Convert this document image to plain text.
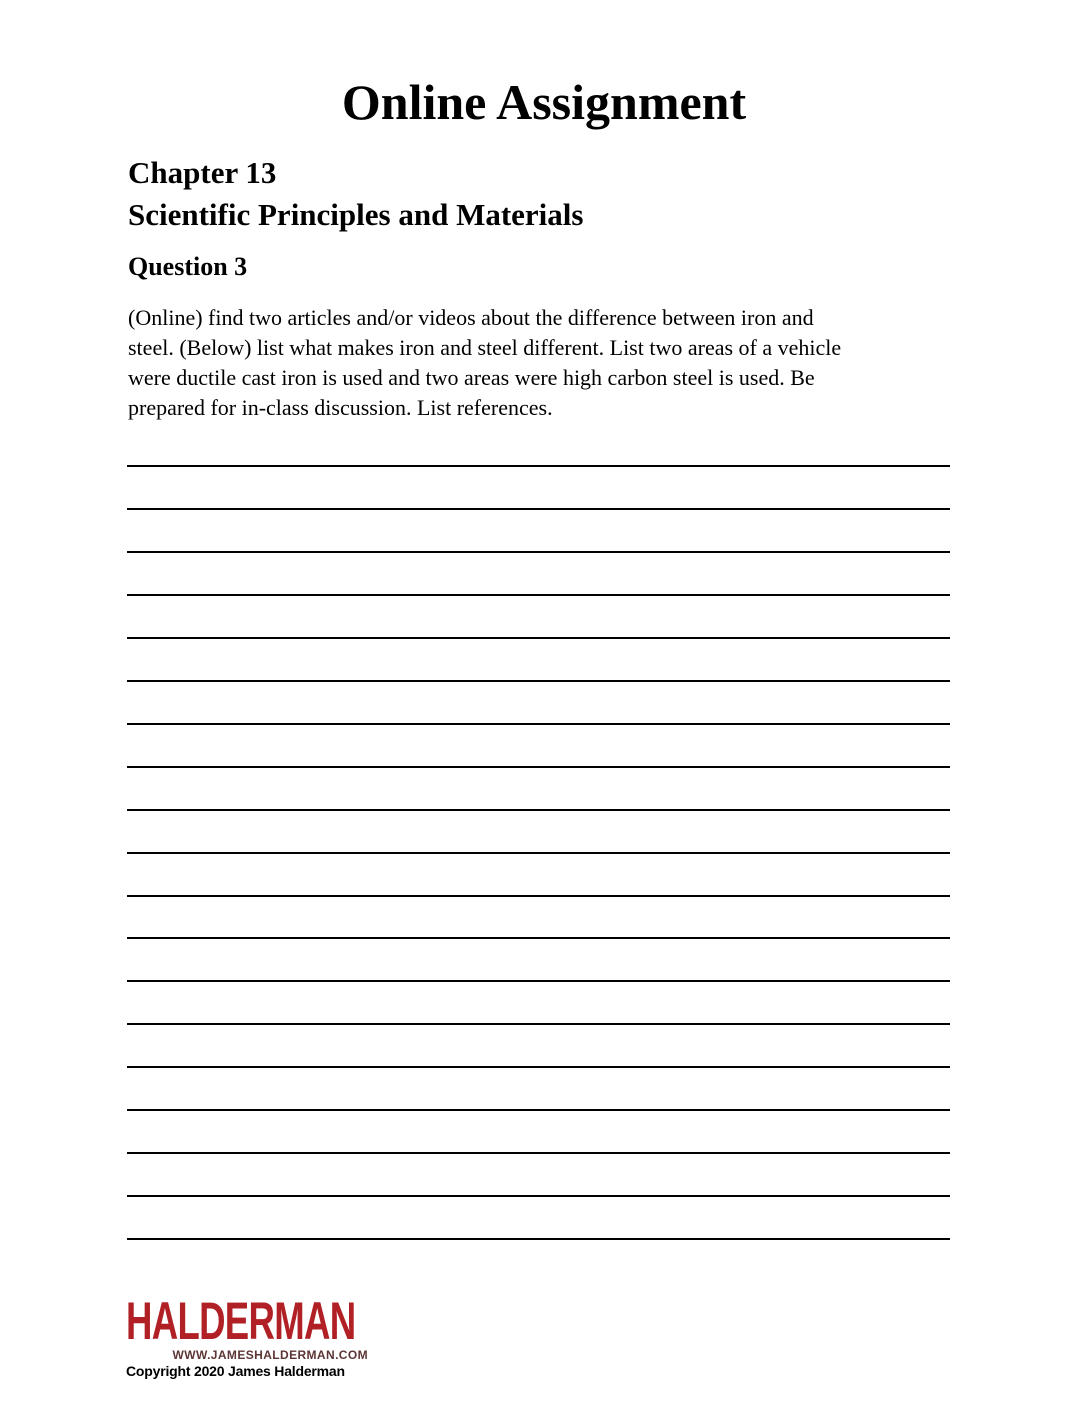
Online Assignment
Chapter 13
Scientific Principles and Materials
Question 3
(Online) find two articles and/or videos about the difference between iron and
steel. (Below) list what makes iron and steel different. List two areas of a vehicle
were ductile cast iron is used and two areas were high carbon steel is used. Be
prepared for in-class discussion. List references.
HALDERMAN
WWW.JAMESHALDERMAN.COM
Copyright 2020 James Halderman
